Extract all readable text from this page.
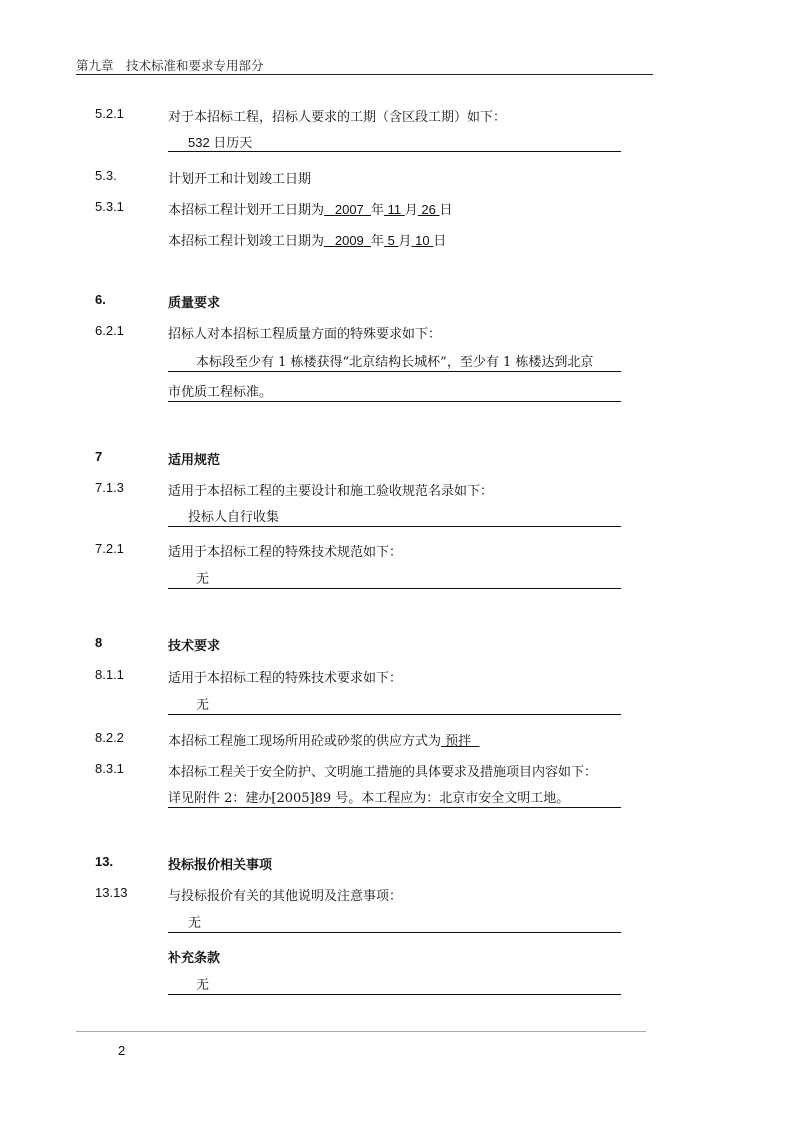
第九章　技术标准和要求专用部分
5.2.1	对于本招标工程，招标人要求的工期（含区段工期）如下：
532 日历天
5.3.	计划开工和计划竣工日期
5.3.1	本招标工程计划开工日期为 2007 年 11 月 26 日
本招标工程计划竣工日期为 2009 年 5 月 10 日
6.	质量要求
6.2.1	招标人对本招标工程质量方面的特殊要求如下：
本标段至少有 1 栋楼获得“北京结构长城杯”，至少有 1 栋楼达到北京
市优质工程标准。
7	适用规范
7.1.3	适用于本招标工程的主要设计和施工验收规范名录如下：
投标人自行收集
7.2.1	适用于本招标工程的特殊技术规范如下：
无
8	技术要求
8.1.1	适用于本招标工程的特殊技术要求如下：
无
8.2.2	本招标工程施工现场所用砼或砂浆的供应方式为 预拌
8.3.1	本招标工程关于安全防护、文明施工措施的具体要求及措施项目内容如下：
详见附件 2：建办[2005]89 号。本工程应为：北京市安全文明工地。
13.	投标报价相关事项
13.13	与投标报价有关的其他说明及注意事项：
无
补充条款
无
2
